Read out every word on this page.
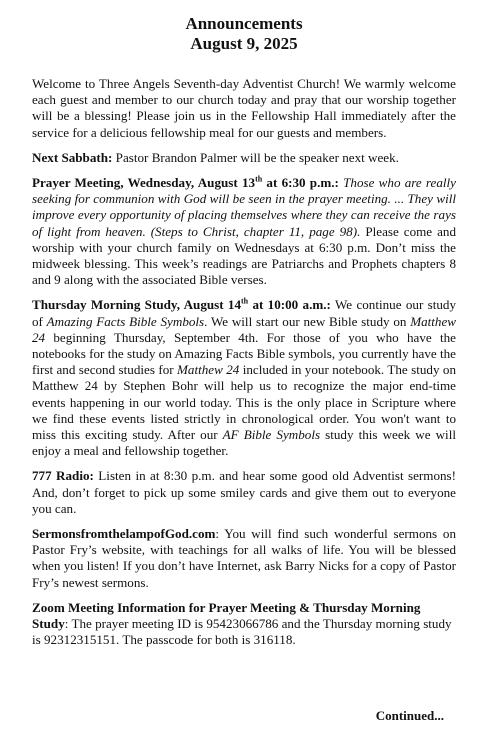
Announcements
August 9, 2025

Welcome to Three Angels Seventh-day Adventist Church! We warmly welcome each guest and member to our church today and pray that our worship together will be a blessing! Please join us in the Fellowship Hall immediately after the service for a delicious fellowship meal for our guests and members.

Next Sabbath: Pastor Brandon Palmer will be the speaker next week.

Prayer Meeting, Wednesday, August 13th at 6:30 p.m.: Those who are really seeking for communion with God will be seen in the prayer meeting. ... They will improve every opportunity of placing themselves where they can receive the rays of light from heaven. (Steps to Christ, chapter 11, page 98). Please come and worship with your church family on Wednesdays at 6:30 p.m. Don’t miss the midweek blessing. This week’s readings are Patriarchs and Prophets chapters 8 and 9 along with the associated Bible verses.

Thursday Morning Study, August 14th at 10:00 a.m.: We continue our study of Amazing Facts Bible Symbols. We will start our new Bible study on Matthew 24 beginning Thursday, September 4th. For those of you who have the notebooks for the study on Amazing Facts Bible symbols, you currently have the first and second studies for Matthew 24 included in your notebook. The study on Matthew 24 by Stephen Bohr will help us to recognize the major end-time events happening in our world today. This is the only place in Scripture where we find these events listed strictly in chronological order. You won't want to miss this exciting study. After our AF Bible Symbols study this week we will enjoy a meal and fellowship together.

777 Radio: Listen in at 8:30 p.m. and hear some good old Adventist sermons! And, don’t forget to pick up some smiley cards and give them out to everyone you can.

SermonsfromthelampofGod.com: You will find such wonderful sermons on Pastor Fry’s website, with teachings for all walks of life. You will be blessed when you listen! If you don’t have Internet, ask Barry Nicks for a copy of Pastor Fry’s newest sermons.

Zoom Meeting Information for Prayer Meeting & Thursday Morning Study: The prayer meeting ID is 95423066786 and the Thursday morning study is 92312315151. The passcode for both is 316118.

Continued...
